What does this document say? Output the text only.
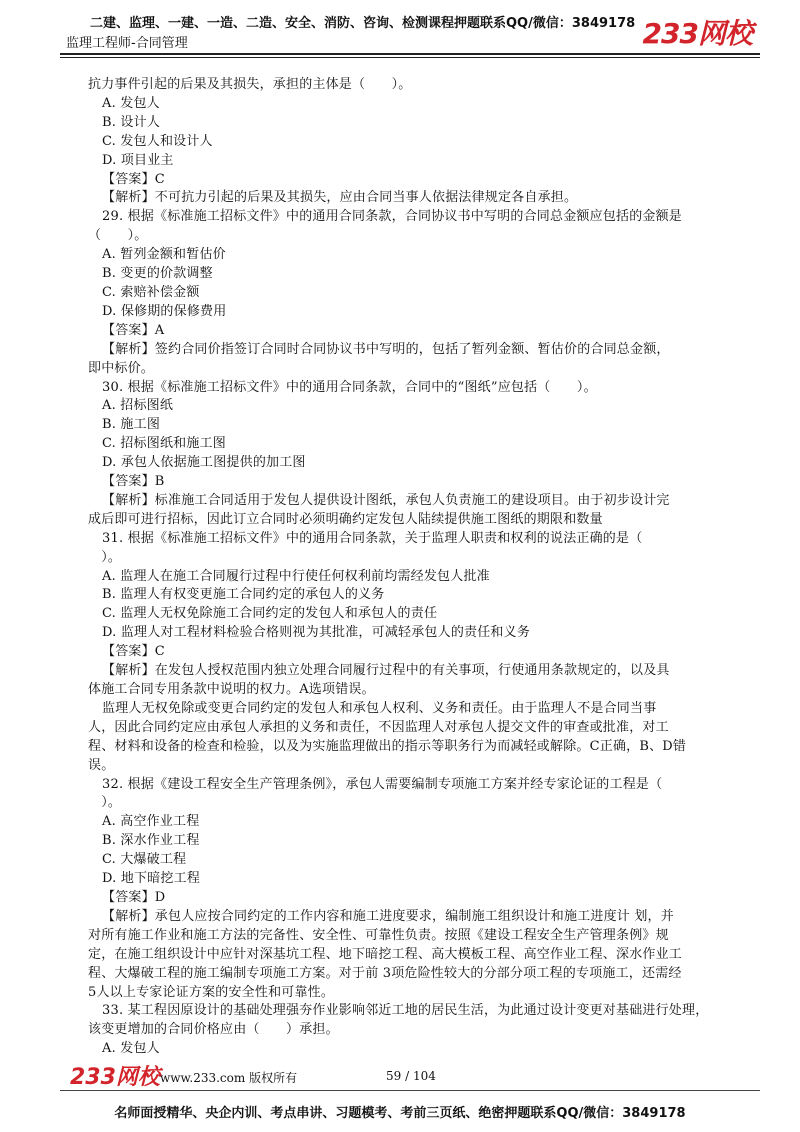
二建、监理、一建、一造、二造、安全、消防、咨询、检测课程押题联系QQ/微信：3849178
监理工程师-合同管理	233网校

抗力事件引起的后果及其损失，承担的主体是（　　）。

A. 发包人

B. 设计人

C. 发包人和设计人

D. 项目业主

【答案】C

【解析】不可抗力引起的后果及其损失，应由合同当事人依据法律规定各自承担。

29. 根据《标准施工招标文件》中的通用合同条款，合同协议书中写明的合同总金额应包括的金额是

（　　）。

A. 暂列金额和暂估价

B. 变更的价款调整

C. 索赔补偿金额

D. 保修期的保修费用

【答案】A

【解析】签约合同价指签订合同时合同协议书中写明的，包括了暂列金额、暂估价的合同总金额，

即中标价。

30. 根据《标准施工招标文件》中的通用合同条款，合同中的“图纸”应包括（　　）。

A. 招标图纸

B. 施工图

C. 招标图纸和施工图

D. 承包人依据施工图提供的加工图

【答案】B

【解析】标准施工合同适用于发包人提供设计图纸，承包人负责施工的建设项目。由于初步设计完

成后即可进行招标，因此订立合同时必须明确约定发包人陆续提供施工图纸的期限和数量

31. 根据《标准施工招标文件》中的通用合同条款，关于监理人职责和权利的说法正确的是（

　）。

A. 监理人在施工合同履行过程中行使任何权利前均需经发包人批准

B. 监理人有权变更施工合同约定的承包人的义务

C. 监理人无权免除施工合同约定的发包人和承包人的责任

D. 监理人对工程材料检验合格则视为其批准，可减轻承包人的责任和义务

【答案】C

【解析】在发包人授权范围内独立处理合同履行过程中的有关事项，行使通用条款规定的，以及具

体施工合同专用条款中说明的权力。A选项错误。

监理人无权免除或变更合同约定的发包人和承包人权利、义务和责任。由于监理人不是合同当事

人，因此合同约定应由承包人承担的义务和责任，不因监理人对承包人提交文件的审查或批准，对工

程、材料和设备的检查和检验，以及为实施监理做出的指示等职务行为而减轻或解除。C正确，B、D错

误。

32. 根据《建设工程安全生产管理条例》，承包人需要编制专项施工方案并经专家论证的工程是（

　）。

A. 高空作业工程

B. 深水作业工程

C. 大爆破工程

D. 地下暗挖工程

【答案】D

【解析】承包人应按合同约定的工作内容和施工进度要求，编制施工组织设计和施工进度计 划，并

对所有施工作业和施工方法的完备性、安全性、可靠性负责。按照《建设工程安全生产管理条例》规

定，在施工组织设计中应针对深基坑工程、地下暗挖工程、高大模板工程、高空作业工程、深水作业工

程、大爆破工程的施工编制专项施工方案。对于前 3项危险性较大的分部分项工程的专项施工，还需经

5人以上专家论证方案的安全性和可靠性。

33. 某工程因原设计的基础处理强夯作业影响邻近工地的居民生活，为此通过设计变更对基础进行处理，

该变更增加的合同价格应由（　　）承担。

A. 发包人

233网校 www.233.com 版权所有	59 / 104
名师面授精华、央企内训、考点串讲、习题模考、考前三页纸、绝密押题联系QQ/微信：3849178
